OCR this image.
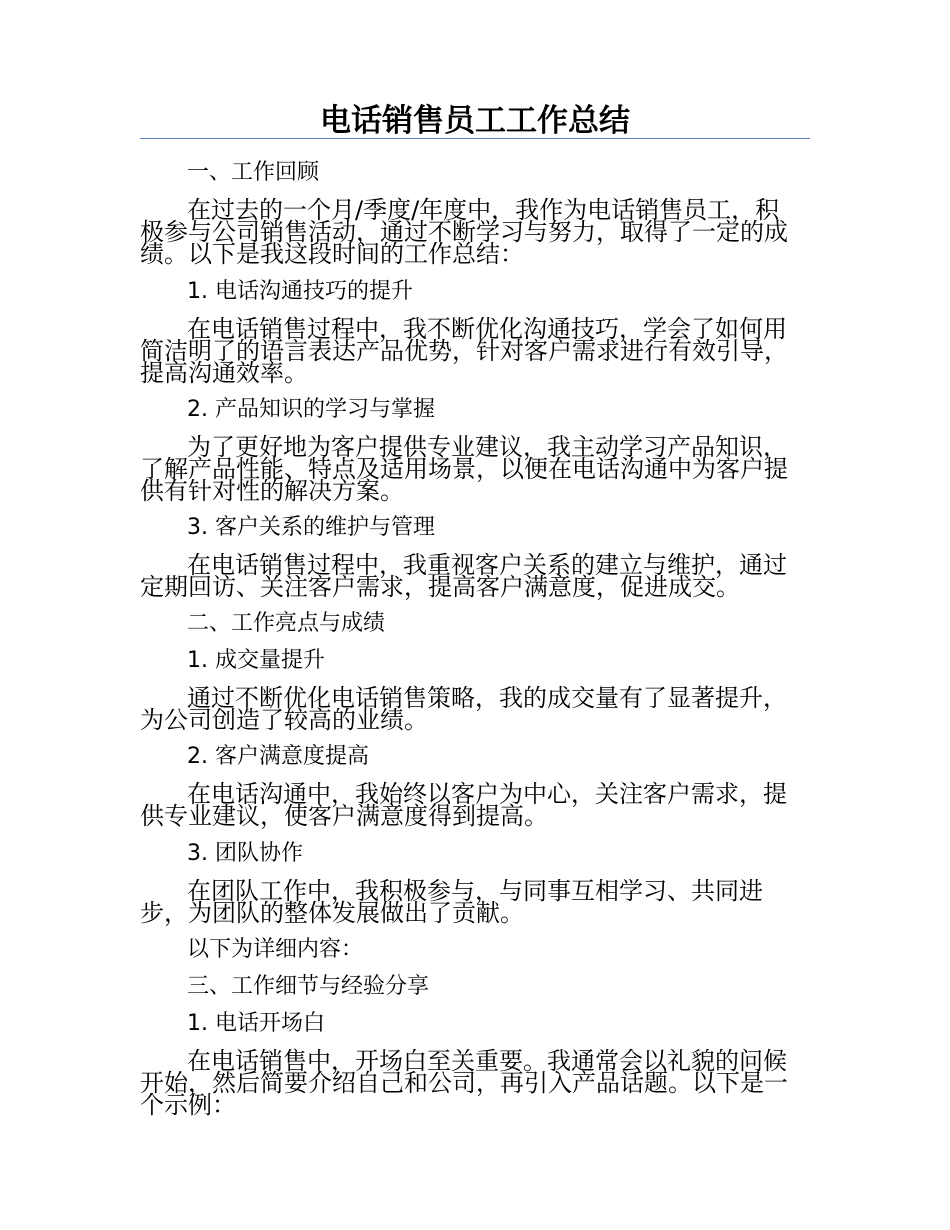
电话销售员工工作总结
一、工作回顾
在过去的一个月/季度/年度中，我作为电话销售员工，积
极参与公司销售活动，通过不断学习与努力，取得了一定的成
绩。以下是我这段时间的工作总结：
1. 电话沟通技巧的提升
在电话销售过程中，我不断优化沟通技巧，学会了如何用
简洁明了的语言表达产品优势，针对客户需求进行有效引导，
提高沟通效率。
2. 产品知识的学习与掌握
为了更好地为客户提供专业建议，我主动学习产品知识，
了解产品性能、特点及适用场景，以便在电话沟通中为客户提
供有针对性的解决方案。
3. 客户关系的维护与管理
在电话销售过程中，我重视客户关系的建立与维护，通过
定期回访、关注客户需求，提高客户满意度，促进成交。
二、工作亮点与成绩
1. 成交量提升
通过不断优化电话销售策略，我的成交量有了显著提升，
为公司创造了较高的业绩。
2. 客户满意度提高
在电话沟通中，我始终以客户为中心，关注客户需求，提
供专业建议，使客户满意度得到提高。
3. 团队协作
在团队工作中，我积极参与，与同事互相学习、共同进
步，为团队的整体发展做出了贡献。
以下为详细内容：
三、工作细节与经验分享
1. 电话开场白
在电话销售中，开场白至关重要。我通常会以礼貌的问候
开始，然后简要介绍自己和公司，再引入产品话题。以下是一
个示例：
